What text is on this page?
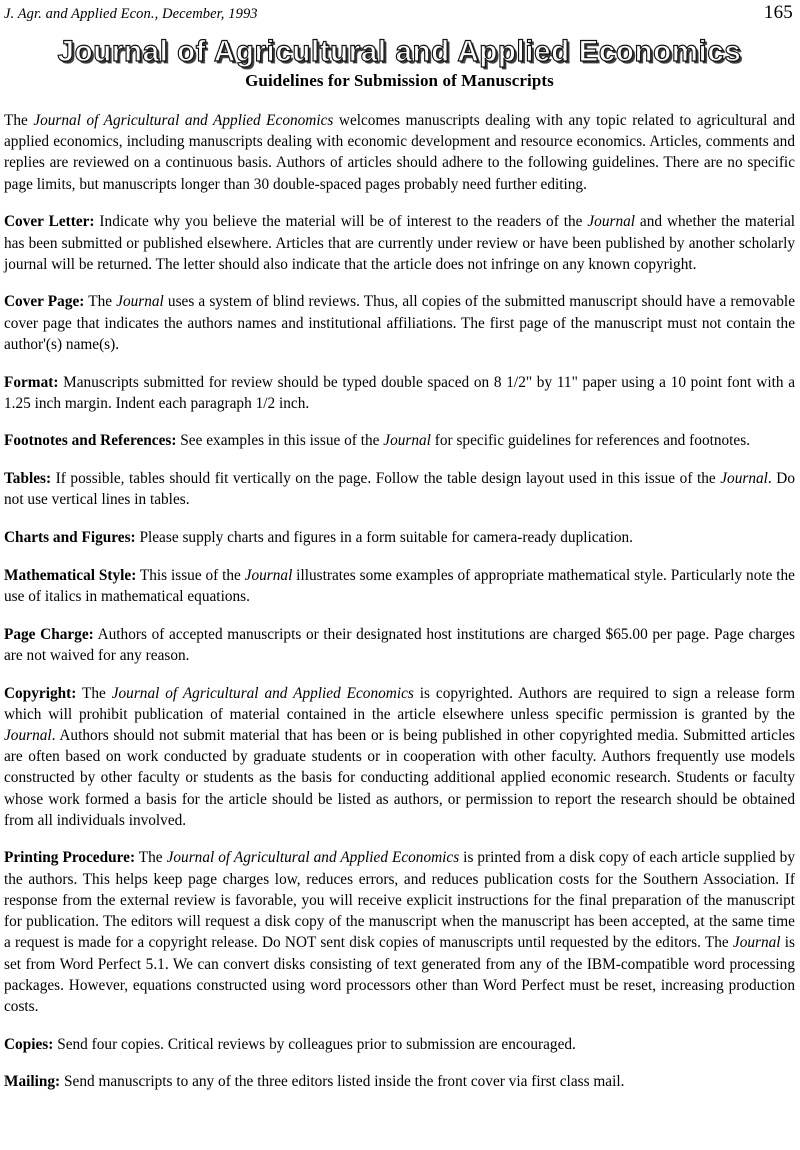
J. Agr. and Applied Econ., December, 1993	165
Journal of Agricultural and Applied Economics
Guidelines for Submission of Manuscripts

The Journal of Agricultural and Applied Economics welcomes manuscripts dealing with any topic related to agricultural and applied economics, including manuscripts dealing with economic development and resource economics. Articles, comments and replies are reviewed on a continuous basis. Authors of articles should adhere to the following guidelines. There are no specific page limits, but manuscripts longer than 30 double-spaced pages probably need further editing.

Cover Letter: Indicate why you believe the material will be of interest to the readers of the Journal and whether the material has been submitted or published elsewhere. Articles that are currently under review or have been published by another scholarly journal will be returned. The letter should also indicate that the article does not infringe on any known copyright.

Cover Page: The Journal uses a system of blind reviews. Thus, all copies of the submitted manuscript should have a removable cover page that indicates the authors names and institutional affiliations. The first page of the manuscript must not contain the author'(s) name(s).

Format: Manuscripts submitted for review should be typed double spaced on 8 1/2" by 11" paper using a 10 point font with a 1.25 inch margin. Indent each paragraph 1/2 inch.

Footnotes and References: See examples in this issue of the Journal for specific guidelines for references and footnotes.

Tables: If possible, tables should fit vertically on the page. Follow the table design layout used in this issue of the Journal. Do not use vertical lines in tables.

Charts and Figures: Please supply charts and figures in a form suitable for camera-ready duplication.

Mathematical Style: This issue of the Journal illustrates some examples of appropriate mathematical style. Particularly note the use of italics in mathematical equations.

Page Charge: Authors of accepted manuscripts or their designated host institutions are charged $65.00 per page. Page charges are not waived for any reason.

Copyright: The Journal of Agricultural and Applied Economics is copyrighted. Authors are required to sign a release form which will prohibit publication of material contained in the article elsewhere unless specific permission is granted by the Journal. Authors should not submit material that has been or is being published in other copyrighted media. Submitted articles are often based on work conducted by graduate students or in cooperation with other faculty. Authors frequently use models constructed by other faculty or students as the basis for conducting additional applied economic research. Students or faculty whose work formed a basis for the article should be listed as authors, or permission to report the research should be obtained from all individuals involved.

Printing Procedure: The Journal of Agricultural and Applied Economics is printed from a disk copy of each article supplied by the authors. This helps keep page charges low, reduces errors, and reduces publication costs for the Southern Association. If response from the external review is favorable, you will receive explicit instructions for the final preparation of the manuscript for publication. The editors will request a disk copy of the manuscript when the manuscript has been accepted, at the same time a request is made for a copyright release. Do NOT sent disk copies of manuscripts until requested by the editors. The Journal is set from Word Perfect 5.1. We can convert disks consisting of text generated from any of the IBM-compatible word processing packages. However, equations constructed using word processors other than Word Perfect must be reset, increasing production costs.

Copies: Send four copies. Critical reviews by colleagues prior to submission are encouraged.

Mailing: Send manuscripts to any of the three editors listed inside the front cover via first class mail.
